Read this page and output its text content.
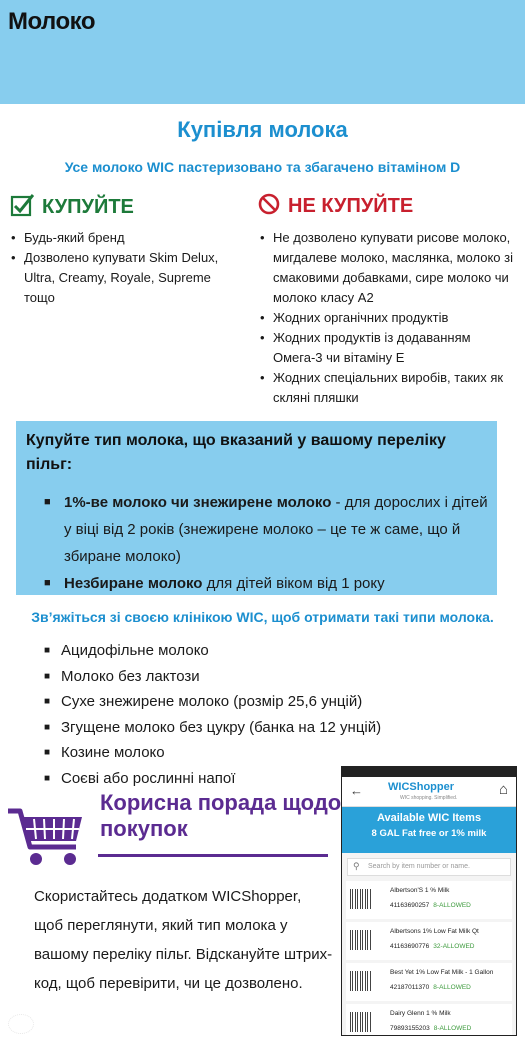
Молоко
Купівля молока
Усе молоко WIC пастеризовано та збагачено вітаміном D
КУПУЙТЕ
• Будь-який бренд
• Дозволено купувати Skim Delux, Ultra, Creamy, Royale, Supreme тощо
НЕ КУПУЙТЕ
• Не дозволено купувати рисове молоко, мигдалеве молоко, маслянка, молоко зі смаковими добавками, сире молоко чи молоко класу A2
• Жодних органічних продуктів
• Жодних продуктів із додаванням Омега-3 чи вітаміну Е
• Жодних спеціальних виробів, таких як скляні пляшки
Купуйте тип молока, що вказаний у вашому переліку пільг:
■ 1%-ве молоко чи знежирене молоко - для дорослих і дітей у віці від 2 років (знежирене молоко – це те ж саме, що й збиране молоко)
■ Незбиране молоко для дітей віком від 1 року
Зв’яжіться зі своєю клінікою WIC, щоб отримати такі типи молока.
■ Ацидофільне молоко
■ Молоко без лактози
■ Сухе знежирене молоко (розмір 25,6 унцій)
■ Згущене молоко без цукру (банка на 12 унцій)
■ Козине молоко
■ Соєві або рослинні напої
Корисна порада щодо
покупок
Скористайтесь додатком WICShopper, щоб переглянути, який тип молока у вашому переліку пільг. Відскануйте штрих-код, щоб перевірити, чи це дозволено.
← WICShopper
WIC shopping. Simplified.	⌂
Available WIC Items
8 GAL Fat free or 1% milk
⚲ Search by item number or name.
Albertson'S 1 % Milk
41163690257 8-ALLOWED
Albertsons 1% Low Fat Milk Qt
41163690776 32-ALLOWED
Best Yet 1% Low Fat Milk - 1 Gallon
42187011370 8-ALLOWED
Dairy Glenn 1 % Milk
79893155203 8-ALLOWED
